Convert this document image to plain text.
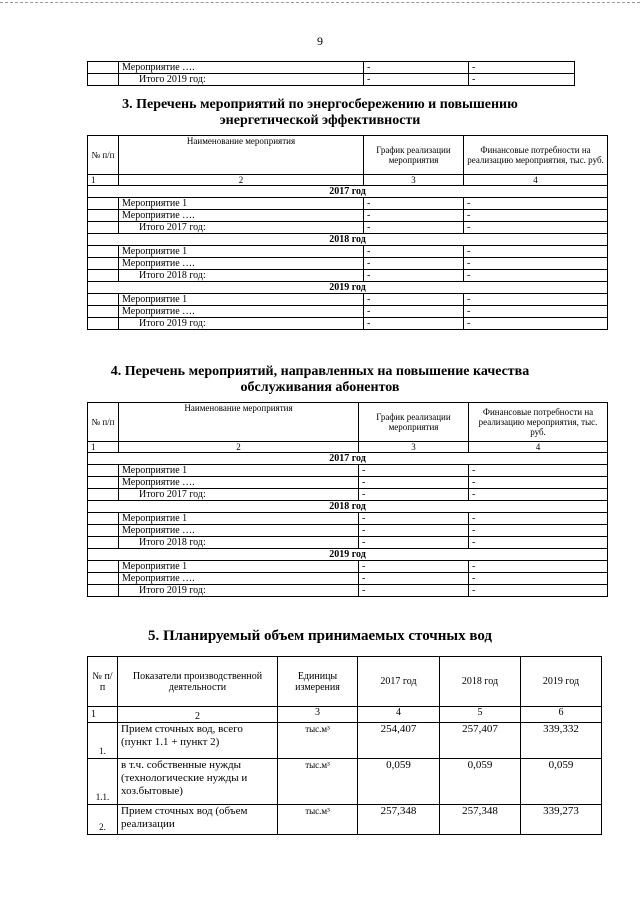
9
	Мероприятие ….	-	-
	Итого 2019 год:	-	-
3. Перечень мероприятий по энергосбережению и повышению
энергетической эффективности
№ п/п	Наименование мероприятия	График реализации мероприятия	Финансовые потребности на реализацию мероприятия, тыс. руб.
1	2	3	4
2017 год			
	Мероприятие 1	-	-
	Мероприятие ….	-	-
	Итого 2017 год:	-	-
2018 год			
	Мероприятие 1	-	-
	Мероприятие ….	-	-
	Итого 2018 год:	-	-
2019 год			
	Мероприятие 1	-	-
	Мероприятие ….	-	-
	Итого 2019 год:	-	-
4. Перечень мероприятий, направленных на повышение качества
обслуживания абонентов
№ п/п	Наименование мероприятия	График реализации мероприятия	Финансовые потребности на реализацию мероприятия, тыс. руб.
1	2	3	4
2017 год			
	Мероприятие 1	-	-
	Мероприятие ….	-	-
	Итого 2017 год:	-	-
2018 год			
	Мероприятие 1	-	-
	Мероприятие ….	-	-
	Итого 2018 год:	-	-
2019 год			
	Мероприятие 1	-	-
	Мероприятие ….	-	-
	Итого 2019 год:	-	-
5. Планируемый объем принимаемых сточных вод
№ п/п	Показатели производственной деятельности	Единицы измерения	2017 год	2018 год	2019 год
1	2	3	4	5	6
1.	Прием сточных вод, всего (пункт 1.1 + пункт 2)	тыс.м³	254,407	257,407	339,332
1.1.	в т.ч. собственные нужды (технологические нужды и хоз.бытовые)	тыс.м³	0,059	0,059	0,059
2.	Прием сточных вод (объем реализации	тыс.м³	257,348	257,348	339,273
